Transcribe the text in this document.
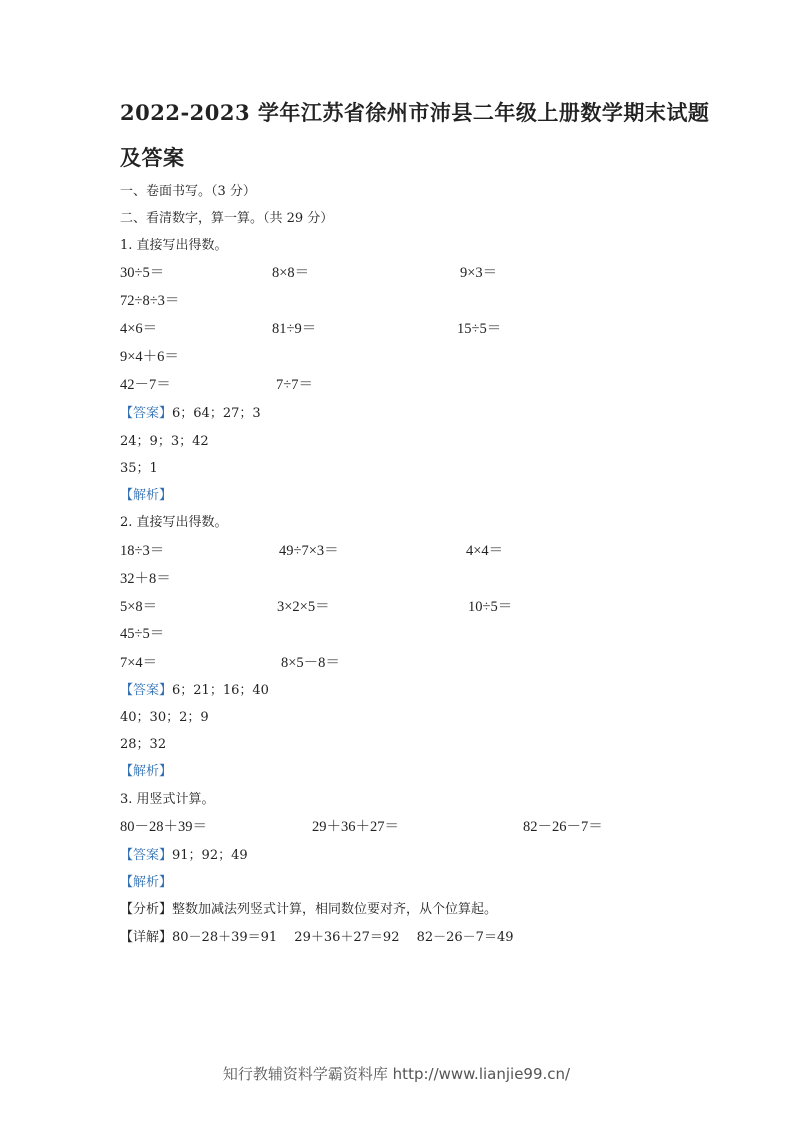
2022-2023 学年江苏省徐州市沛县二年级上册数学期末试题
及答案
一、卷面书写。（3 分）
二、看清数字，算一算。（共 29 分）
1. 直接写出得数。
30÷5＝	8×8＝	9×3＝
72÷8÷3＝
4×6＝	81÷9＝	15÷5＝
9×4＋6＝
42－7＝	7÷7＝
【答案】6；64；27；3
24；9；3；42
35；1
【解析】
2. 直接写出得数。
18÷3＝	49÷7×3＝	4×4＝
32＋8＝
5×8＝	3×2×5＝	10÷5＝
45÷5＝
7×4＝	8×5－8＝
【答案】6；21；16；40
40；30；2；9
28；32
【解析】
3. 用竖式计算。
80－28＋39＝	29＋36＋27＝	82－26－7＝
【答案】91；92；49
【解析】
【分析】整数加减法列竖式计算，相同数位要对齐，从个位算起。
【详解】80－28＋39＝91　 29＋36＋27＝92　 82－26－7＝49
知行教辅资料学霸资料库 http://www.lianjie99.cn/
